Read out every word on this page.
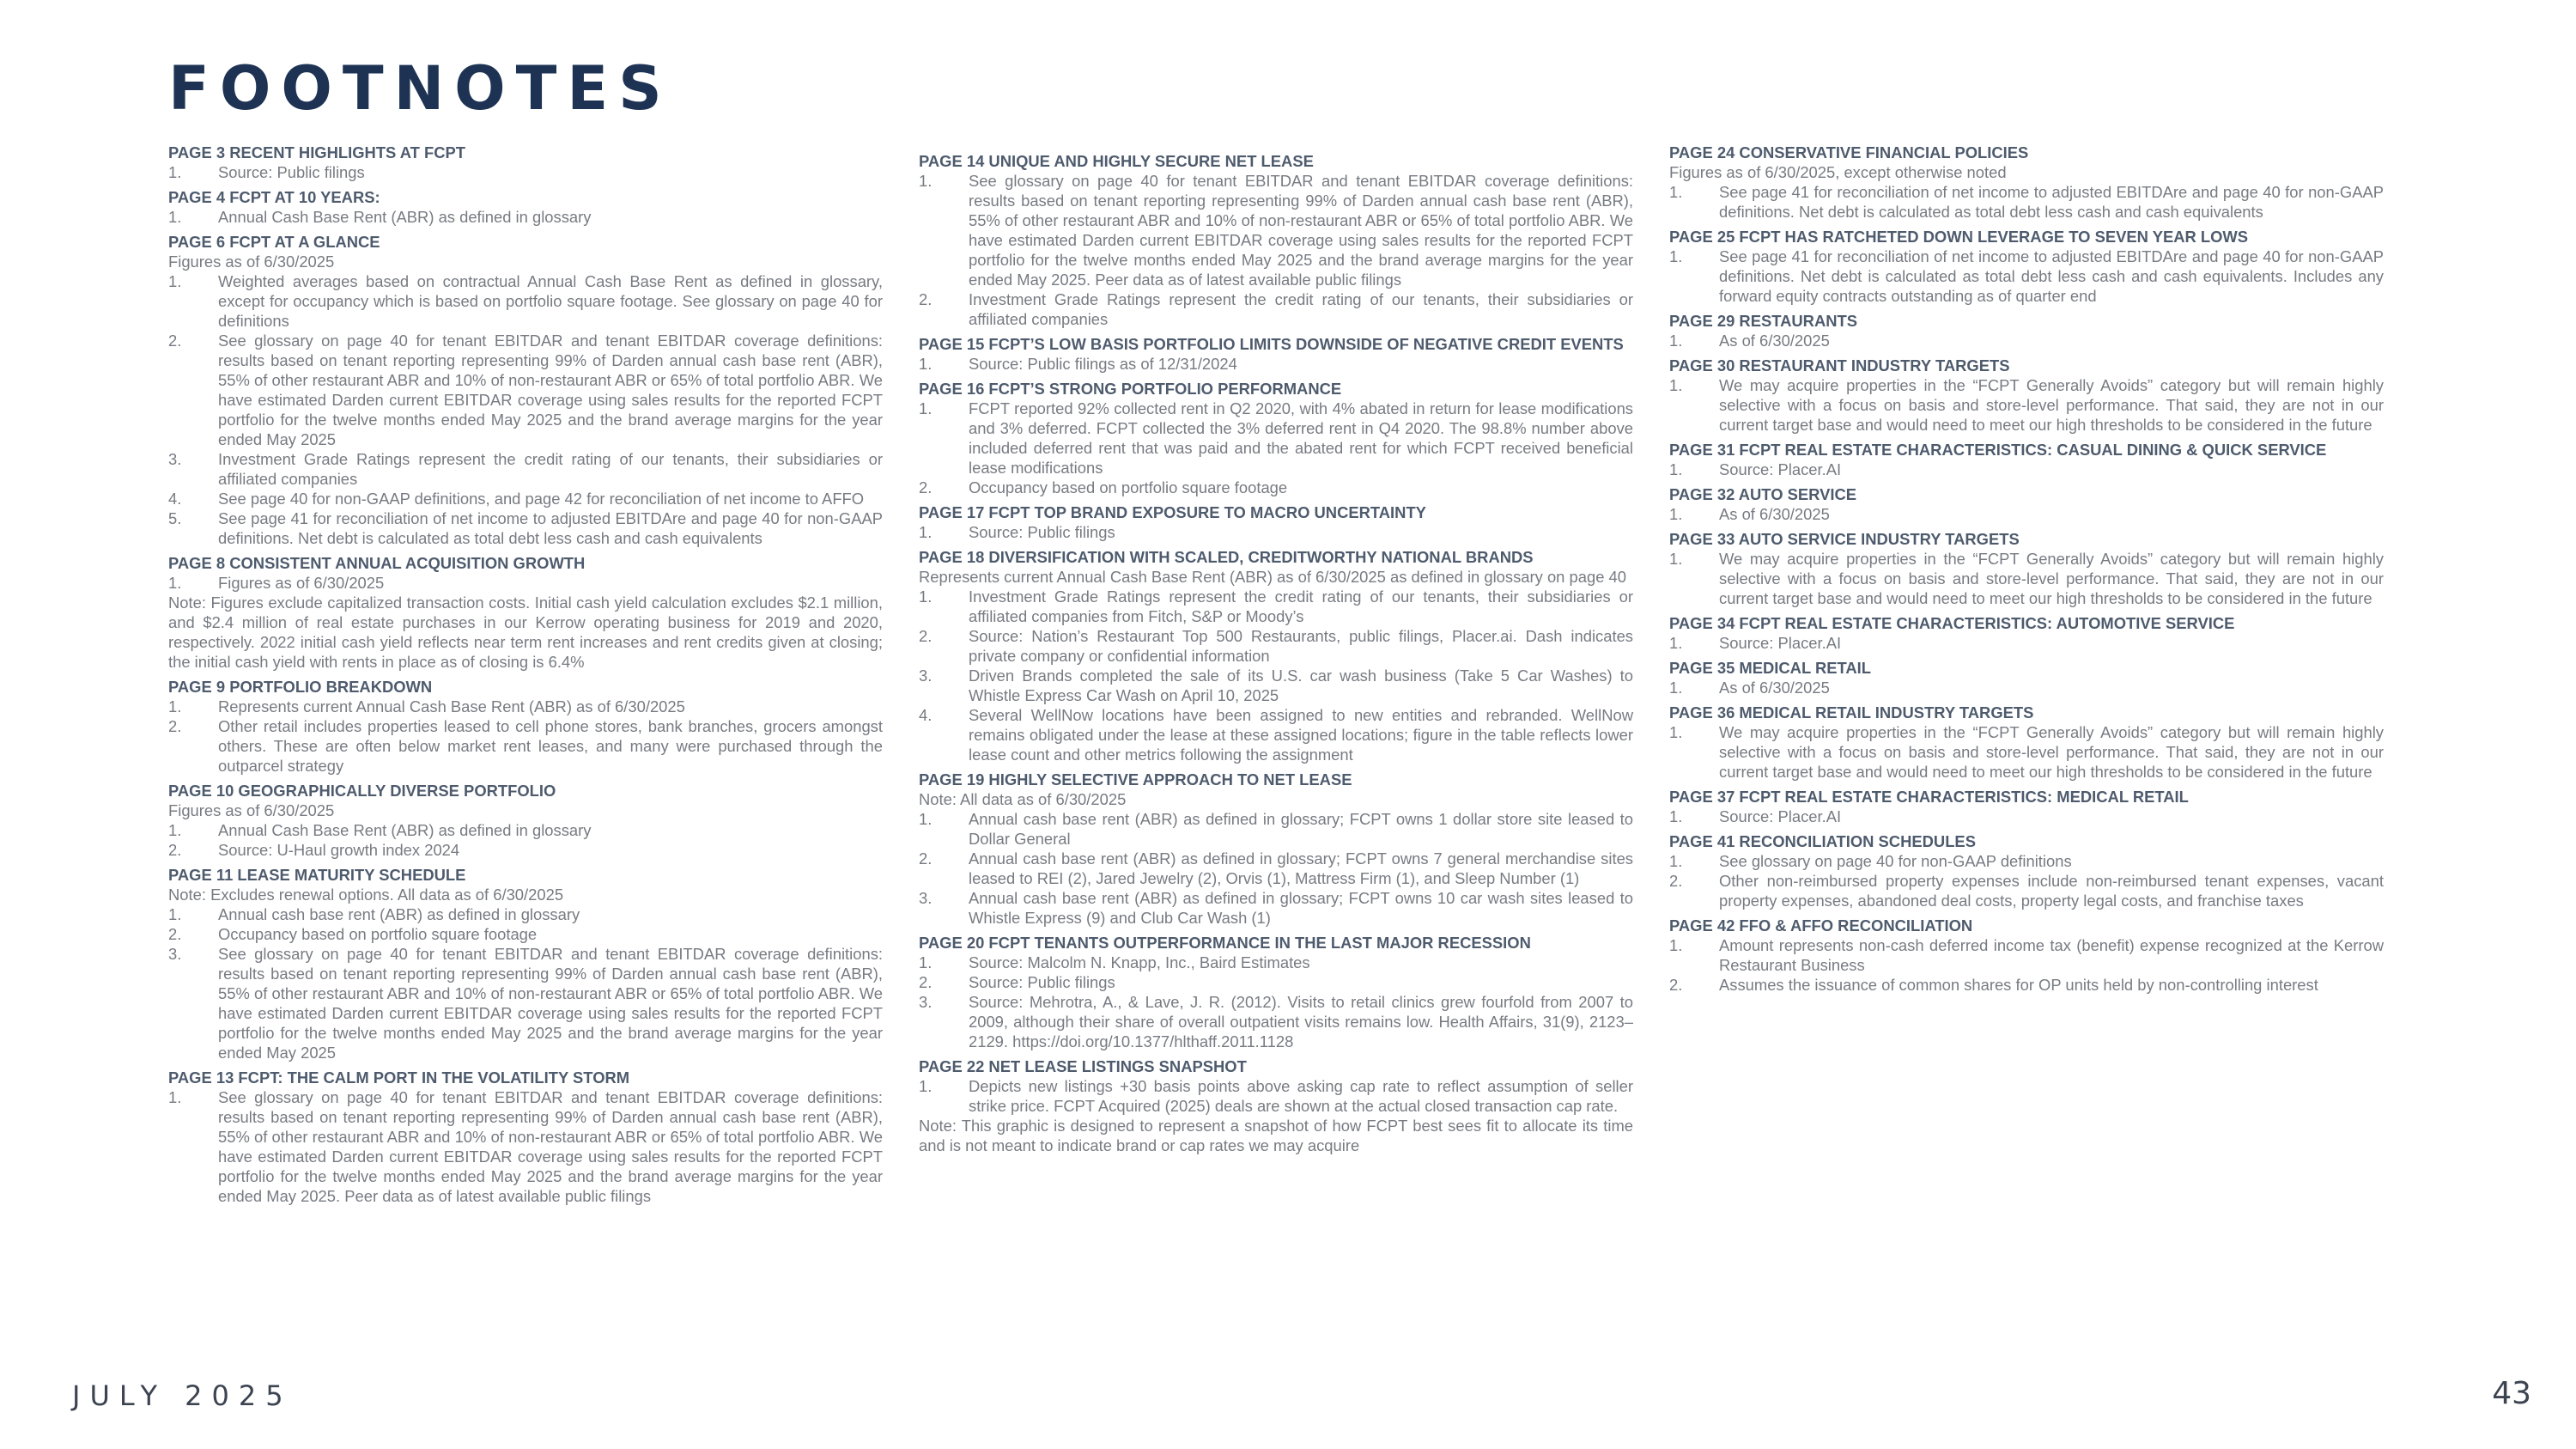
FOOTNOTES
PAGE 3 RECENT HIGHLIGHTS AT FCPT
1.	Source: Public filings
PAGE 4 FCPT AT 10 YEARS:
1.	Annual Cash Base Rent (ABR) as defined in glossary
PAGE 6 FCPT AT A GLANCE
Figures as of 6/30/2025
1.	Weighted averages based on contractual Annual Cash Base Rent as defined in glossary, except for occupancy which is based on portfolio square footage. See glossary on page 40 for definitions
2.	See glossary on page 40 for tenant EBITDAR and tenant EBITDAR coverage definitions: results based on tenant reporting representing 99% of Darden annual cash base rent (ABR), 55% of other restaurant ABR and 10% of non-restaurant ABR or 65% of total portfolio ABR. We have estimated Darden current EBITDAR coverage using sales results for the reported FCPT portfolio for the twelve months ended May 2025 and the brand average margins for the year ended May 2025
3.	Investment Grade Ratings represent the credit rating of our tenants, their subsidiaries or affiliated companies
4.	See page 40 for non-GAAP definitions, and page 42 for reconciliation of net income to AFFO
5.	See page 41 for reconciliation of net income to adjusted EBITDAre and page 40 for non-GAAP definitions. Net debt is calculated as total debt less cash and cash equivalents
PAGE 8 CONSISTENT ANNUAL ACQUISITION GROWTH
1.	Figures as of 6/30/2025
Note: Figures exclude capitalized transaction costs. Initial cash yield calculation excludes $2.1 million, and $2.4 million of real estate purchases in our Kerrow operating business for 2019 and 2020, respectively. 2022 initial cash yield reflects near term rent increases and rent credits given at closing; the initial cash yield with rents in place as of closing is 6.4%
PAGE 9 PORTFOLIO BREAKDOWN
1.	Represents current Annual Cash Base Rent (ABR) as of 6/30/2025
2.	Other retail includes properties leased to cell phone stores, bank branches, grocers amongst others. These are often below market rent leases, and many were purchased through the outparcel strategy
PAGE 10 GEOGRAPHICALLY DIVERSE PORTFOLIO
Figures as of 6/30/2025
1.	Annual Cash Base Rent (ABR) as defined in glossary
2.	Source: U-Haul growth index 2024
PAGE 11 LEASE MATURITY SCHEDULE
Note: Excludes renewal options. All data as of 6/30/2025
1.	Annual cash base rent (ABR) as defined in glossary
2.	Occupancy based on portfolio square footage
3.	See glossary on page 40 for tenant EBITDAR and tenant EBITDAR coverage definitions: results based on tenant reporting representing 99% of Darden annual cash base rent (ABR), 55% of other restaurant ABR and 10% of non-restaurant ABR or 65% of total portfolio ABR. We have estimated Darden current EBITDAR coverage using sales results for the reported FCPT portfolio for the twelve months ended May 2025 and the brand average margins for the year ended May 2025
PAGE 13 FCPT: THE CALM PORT IN THE VOLATILITY STORM
1.	See glossary on page 40 for tenant EBITDAR and tenant EBITDAR coverage definitions: results based on tenant reporting representing 99% of Darden annual cash base rent (ABR), 55% of other restaurant ABR and 10% of non-restaurant ABR or 65% of total portfolio ABR. We have estimated Darden current EBITDAR coverage using sales results for the reported FCPT portfolio for the twelve months ended May 2025 and the brand average margins for the year ended May 2025. Peer data as of latest available public filings
PAGE 14 UNIQUE AND HIGHLY SECURE NET LEASE
1.	See glossary on page 40 for tenant EBITDAR and tenant EBITDAR coverage definitions: results based on tenant reporting representing 99% of Darden annual cash base rent (ABR), 55% of other restaurant ABR and 10% of non-restaurant ABR or 65% of total portfolio ABR. We have estimated Darden current EBITDAR coverage using sales results for the reported FCPT portfolio for the twelve months ended May 2025 and the brand average margins for the year ended May 2025. Peer data as of latest available public filings
2.	Investment Grade Ratings represent the credit rating of our tenants, their subsidiaries or affiliated companies
PAGE 15 FCPT’S LOW BASIS PORTFOLIO LIMITS DOWNSIDE OF NEGATIVE CREDIT EVENTS
1.	Source: Public filings as of 12/31/2024
PAGE 16 FCPT’S STRONG PORTFOLIO PERFORMANCE
1.	FCPT reported 92% collected rent in Q2 2020, with 4% abated in return for lease modifications and 3% deferred. FCPT collected the 3% deferred rent in Q4 2020. The 98.8% number above included deferred rent that was paid and the abated rent for which FCPT received beneficial lease modifications
2.	Occupancy based on portfolio square footage
PAGE 17 FCPT TOP BRAND EXPOSURE TO MACRO UNCERTAINTY
1.	Source: Public filings
PAGE 18 DIVERSIFICATION WITH SCALED, CREDITWORTHY NATIONAL BRANDS
Represents current Annual Cash Base Rent (ABR) as of 6/30/2025 as defined in glossary on page 40
1.	Investment Grade Ratings represent the credit rating of our tenants, their subsidiaries or affiliated companies from Fitch, S&P or Moody’s
2.	Source: Nation’s Restaurant Top 500 Restaurants, public filings, Placer.ai. Dash indicates private company or confidential information
3.	Driven Brands completed the sale of its U.S. car wash business (Take 5 Car Washes) to Whistle Express Car Wash on April 10, 2025
4.	Several WellNow locations have been assigned to new entities and rebranded. WellNow remains obligated under the lease at these assigned locations; figure in the table reflects lower lease count and other metrics following the assignment
PAGE 19 HIGHLY SELECTIVE APPROACH TO NET LEASE
Note: All data as of 6/30/2025
1.	Annual cash base rent (ABR) as defined in glossary; FCPT owns 1 dollar store site leased to Dollar General
2.	Annual cash base rent (ABR) as defined in glossary; FCPT owns 7 general merchandise sites leased to REI (2), Jared Jewelry (2), Orvis (1), Mattress Firm (1), and Sleep Number (1)
3.	Annual cash base rent (ABR) as defined in glossary; FCPT owns 10 car wash sites leased to Whistle Express (9) and Club Car Wash (1)
PAGE 20 FCPT TENANTS OUTPERFORMANCE IN THE LAST MAJOR RECESSION
1.	Source: Malcolm N. Knapp, Inc., Baird Estimates
2.	Source: Public filings
3.	Source: Mehrotra, A., & Lave, J. R. (2012). Visits to retail clinics grew fourfold from 2007 to 2009, although their share of overall outpatient visits remains low. Health Affairs, 31(9), 2123–2129. https://doi.org/10.1377/hlthaff.2011.1128
PAGE 22 NET LEASE LISTINGS SNAPSHOT
1.	Depicts new listings +30 basis points above asking cap rate to reflect assumption of seller strike price. FCPT Acquired (2025) deals are shown at the actual closed transaction cap rate.
Note: This graphic is designed to represent a snapshot of how FCPT best sees fit to allocate its time and is not meant to indicate brand or cap rates we may acquire
PAGE 24 CONSERVATIVE FINANCIAL POLICIES
Figures as of 6/30/2025, except otherwise noted
1.	See page 41 for reconciliation of net income to adjusted EBITDAre and page 40 for non-GAAP definitions. Net debt is calculated as total debt less cash and cash equivalents
PAGE 25 FCPT HAS RATCHETED DOWN LEVERAGE TO SEVEN YEAR LOWS
1.	See page 41 for reconciliation of net income to adjusted EBITDAre and page 40 for non-GAAP definitions. Net debt is calculated as total debt less cash and cash equivalents. Includes any forward equity contracts outstanding as of quarter end
PAGE 29 RESTAURANTS
1.	As of 6/30/2025
PAGE 30 RESTAURANT INDUSTRY TARGETS
1.	We may acquire properties in the “FCPT Generally Avoids” category but will remain highly selective with a focus on basis and store-level performance. That said, they are not in our current target base and would need to meet our high thresholds to be considered in the future
PAGE 31 FCPT REAL ESTATE CHARACTERISTICS: CASUAL DINING & QUICK SERVICE
1.	Source: Placer.AI
PAGE 32 AUTO SERVICE
1.	As of 6/30/2025
PAGE 33 AUTO SERVICE INDUSTRY TARGETS
1.	We may acquire properties in the “FCPT Generally Avoids” category but will remain highly selective with a focus on basis and store-level performance. That said, they are not in our current target base and would need to meet our high thresholds to be considered in the future
PAGE 34 FCPT REAL ESTATE CHARACTERISTICS: AUTOMOTIVE SERVICE
1.	Source: Placer.AI
PAGE 35 MEDICAL RETAIL
1.	As of 6/30/2025
PAGE 36 MEDICAL RETAIL INDUSTRY TARGETS
1.	We may acquire properties in the “FCPT Generally Avoids” category but will remain highly selective with a focus on basis and store-level performance. That said, they are not in our current target base and would need to meet our high thresholds to be considered in the future
PAGE 37 FCPT REAL ESTATE CHARACTERISTICS: MEDICAL RETAIL
1.	Source: Placer.AI
PAGE 41 RECONCILIATION SCHEDULES
1.	See glossary on page 40 for non-GAAP definitions
2.	Other non-reimbursed property expenses include non-reimbursed tenant expenses, vacant property expenses, abandoned deal costs, property legal costs, and franchise taxes
PAGE 42 FFO & AFFO RECONCILIATION
1.	Amount represents non-cash deferred income tax (benefit) expense recognized at the Kerrow Restaurant Business
2.	Assumes the issuance of common shares for OP units held by non-controlling interest
JULY 2025	43
